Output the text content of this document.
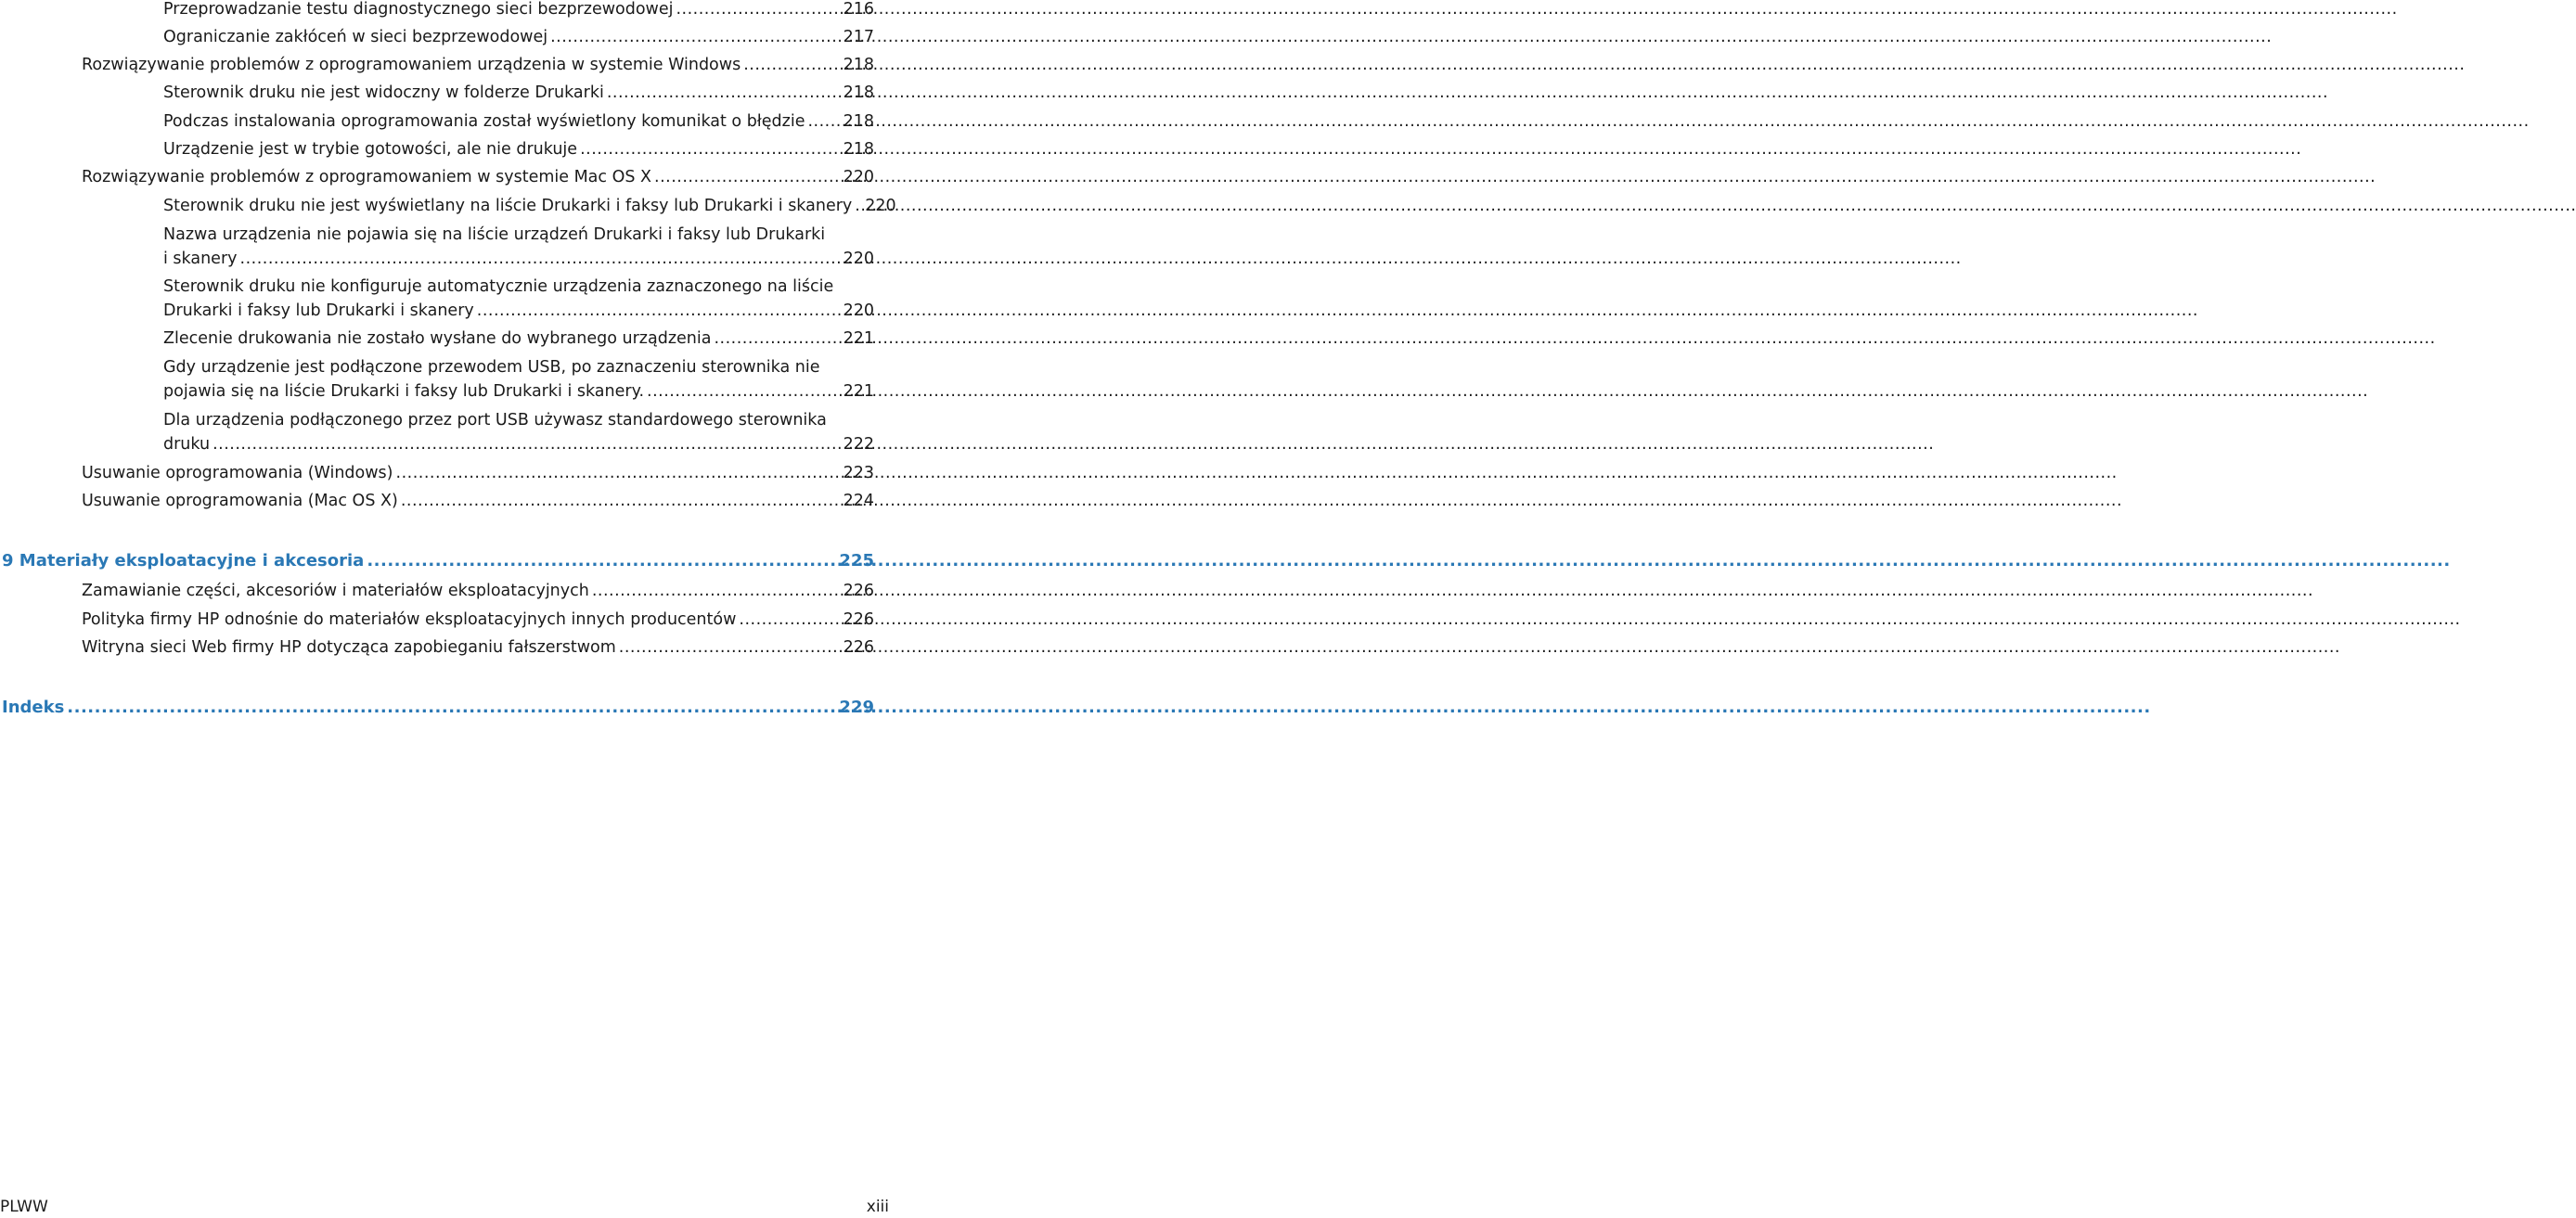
Przeprowadzanie testu diagnostycznego sieci bezprzewodowej .....	216
Ograniczanie zakłóceń w sieci bezprzewodowej .....	217
Rozwiązywanie problemów z oprogramowaniem urządzenia w systemie Windows .....	218
Sterownik druku nie jest widoczny w folderze Drukarki .....	218
Podczas instalowania oprogramowania został wyświetlony komunikat o błędzie ..... 218
Urządzenie jest w trybie gotowości, ale nie drukuje .....	218
Rozwiązywanie problemów z oprogramowaniem w systemie Mac OS X .....	220
Sterownik druku nie jest wyświetlany na liście Drukarki i faksy lub Drukarki i skanery ..... 220
Nazwa urządzenia nie pojawia się na liście urządzeń Drukarki i faksy lub Drukarki
i skanery .....	220
Sterownik druku nie konfiguruje automatycznie urządzenia zaznaczonego na liście
Drukarki i faksy lub Drukarki i skanery .....	220
Zlecenie drukowania nie zostało wysłane do wybranego urządzenia .....	221
Gdy urządzenie jest podłączone przewodem USB, po zaznaczeniu sterownika nie
pojawia się na liście Drukarki i faksy lub Drukarki i skanery. .....	221
Dla urządzenia podłączonego przez port USB używasz standardowego sterownika
druku .....	222
Usuwanie oprogramowania (Windows) .....	223
Usuwanie oprogramowania (Mac OS X) .....	224
9 Materiały eksploatacyjne i akcesoria .....	225
Zamawianie części, akcesoriów i materiałów eksploatacyjnych .....	226
Polityka firmy HP odnośnie do materiałów eksploatacyjnych innych producentów .....	226
Witryna sieci Web firmy HP dotycząca zapobieganiu fałszerstwom .....	226
Indeks .....	229
PLWW	xiii
